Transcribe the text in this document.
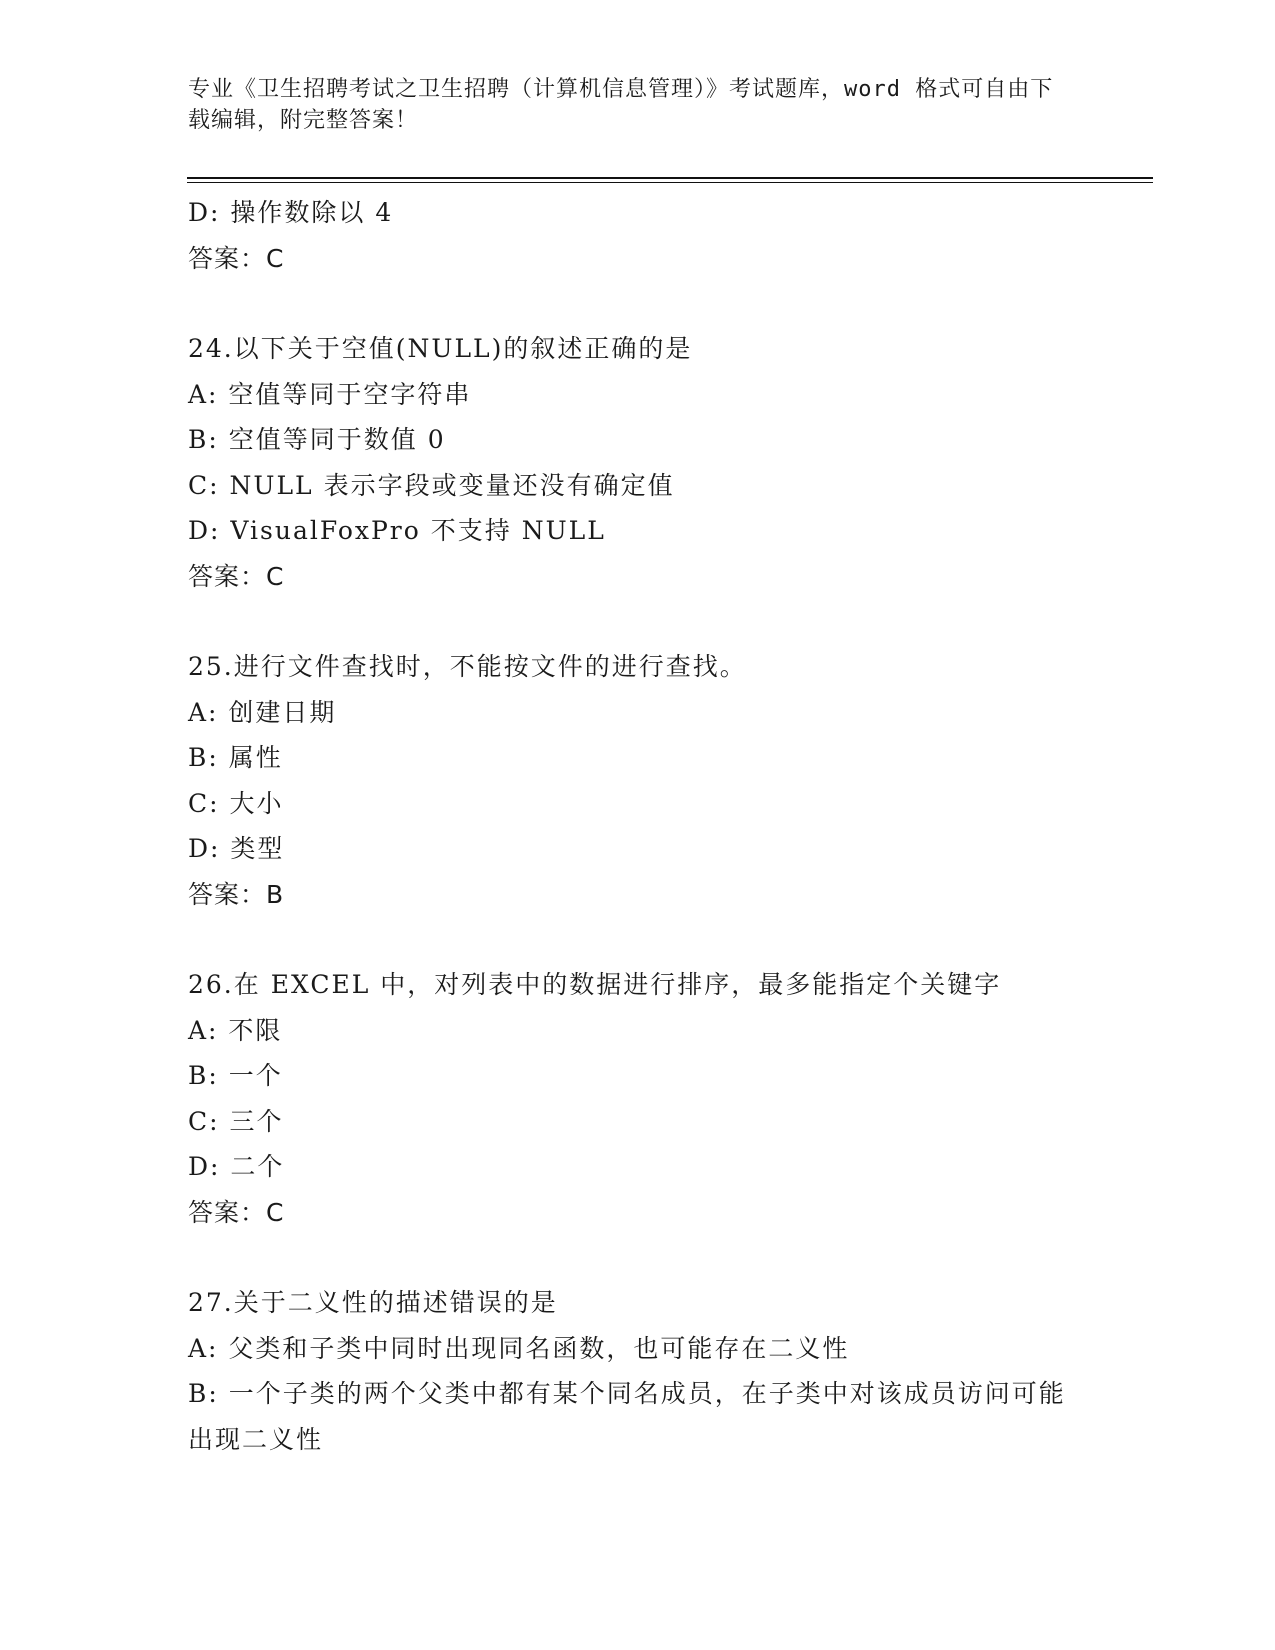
专业《卫生招聘考试之卫生招聘（计算机信息管理）》考试题库，word 格式可自由下载编辑，附完整答案！
D: 操作数除以 4
答案：C
24.以下关于空值(NULL)的叙述正确的是
A: 空值等同于空字符串
B: 空值等同于数值 0
C: NULL 表示字段或变量还没有确定值
D: VisualFoxPro 不支持 NULL
答案：C
25.进行文件查找时，不能按文件的进行查找。
A: 创建日期
B: 属性
C: 大小
D: 类型
答案：B
26.在 EXCEL 中，对列表中的数据进行排序，最多能指定个关键字
A: 不限
B: 一个
C: 三个
D: 二个
答案：C
27.关于二义性的描述错误的是
A: 父类和子类中同时出现同名函数，也可能存在二义性
B: 一个子类的两个父类中都有某个同名成员，在子类中对该成员访问可能出现二义性
